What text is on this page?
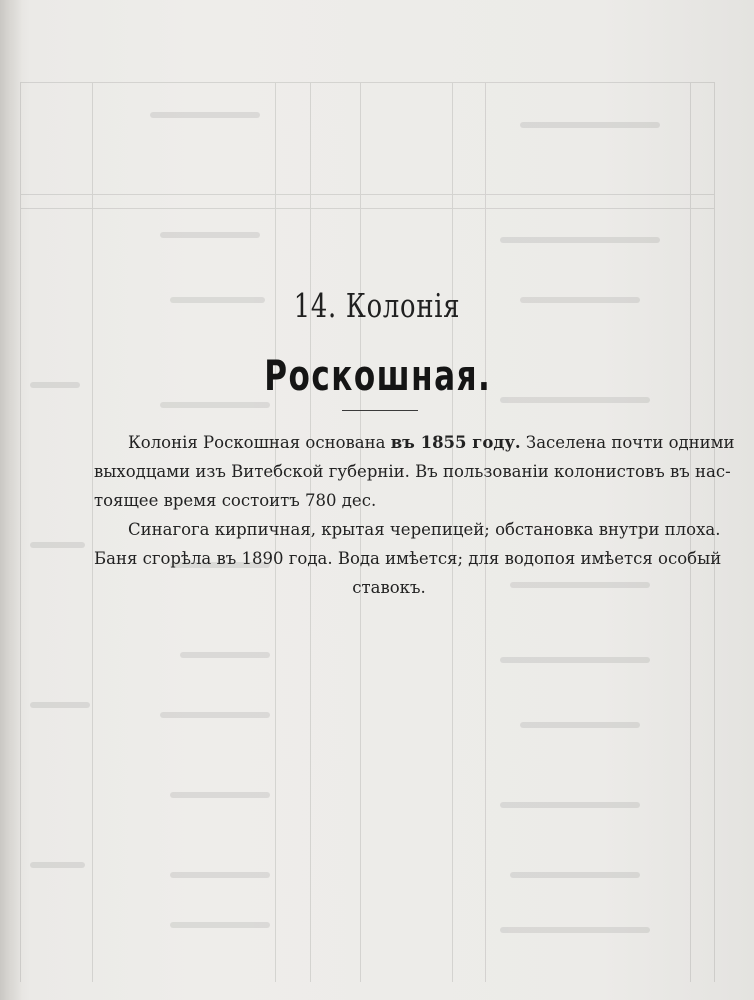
14. Колонія
Роскошная.
Колонія Роскошная основана въ 1855 году. Заселена почти одними
выходцами изъ Витебской губерніи. Въ пользованіи колонистовъ въ нас-
тоящее время состоитъ 780 дес.
Синагога кирпичная, крытая черепицей; обстановка внутри плоха.
Баня сгорѣла въ 1890 года. Вода имѣется; для водопоя имѣется особый
ставокъ.
